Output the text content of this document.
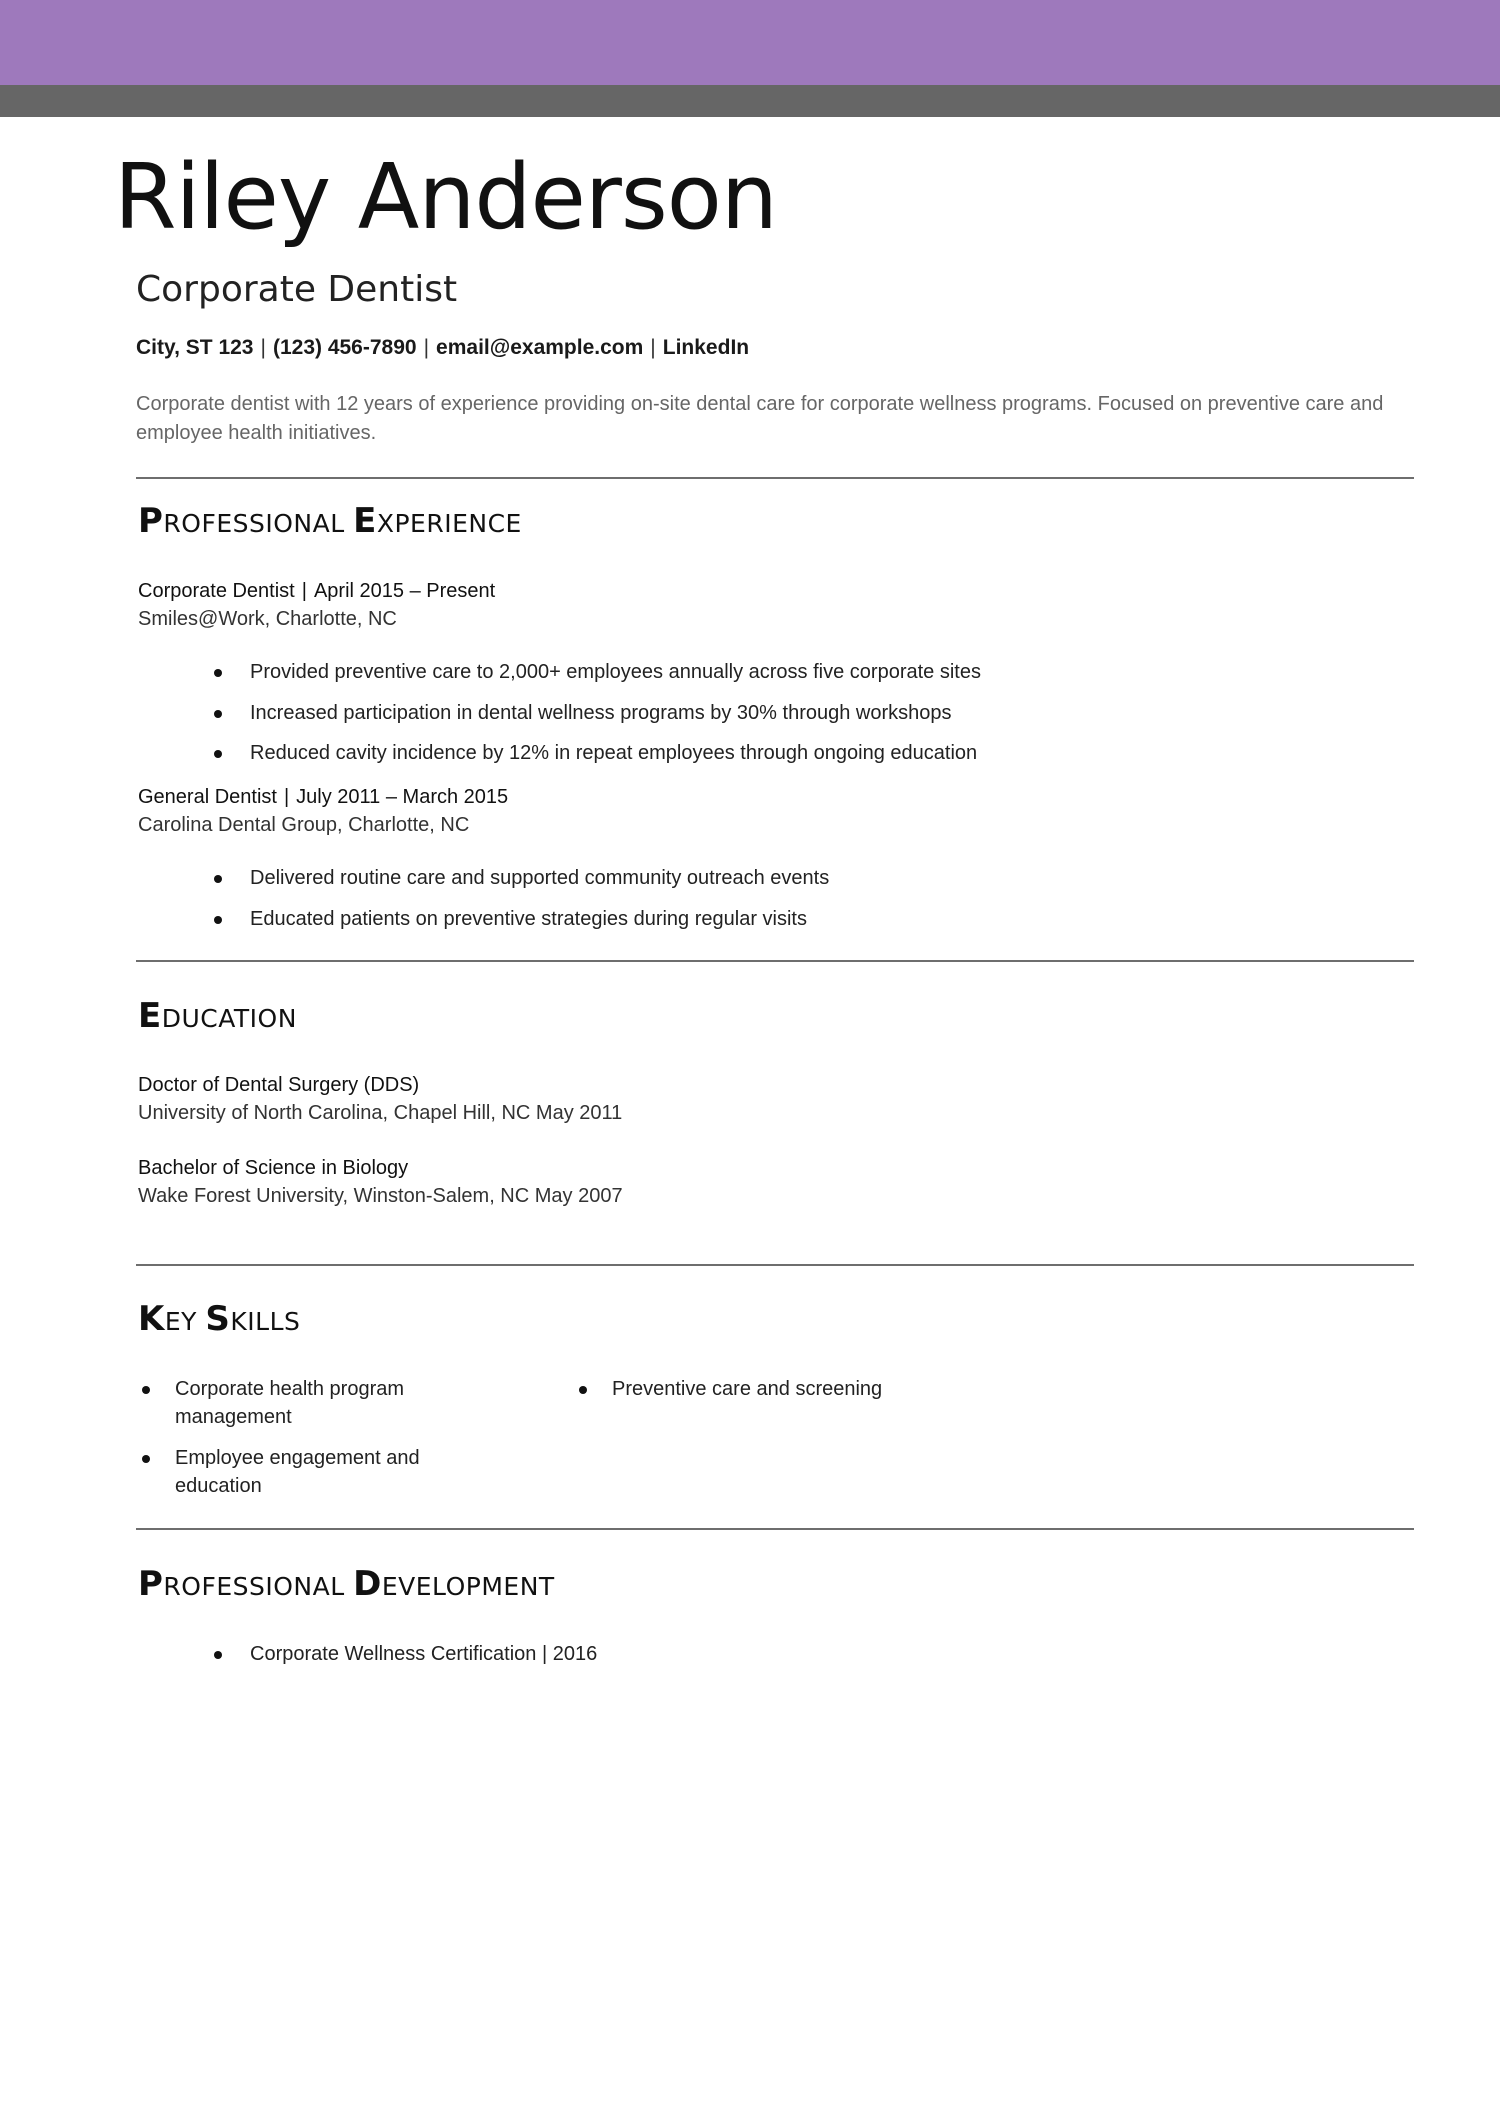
Riley Anderson
Corporate Dentist
City, ST 123 | (123) 456-7890 | email@example.com | LinkedIn
Corporate dentist with 12 years of experience providing on-site dental care for corporate wellness programs. Focused on preventive care and employee health initiatives.
PROFESSIONAL EXPERIENCE
Corporate Dentist | April 2015 – Present
Smiles@Work, Charlotte, NC
Provided preventive care to 2,000+ employees annually across five corporate sites
Increased participation in dental wellness programs by 30% through workshops
Reduced cavity incidence by 12% in repeat employees through ongoing education
General Dentist | July 2011 – March 2015
Carolina Dental Group, Charlotte, NC
Delivered routine care and supported community outreach events
Educated patients on preventive strategies during regular visits
EDUCATION
Doctor of Dental Surgery (DDS)
University of North Carolina, Chapel Hill, NC May 2011
Bachelor of Science in Biology
Wake Forest University, Winston-Salem, NC May 2007
KEY SKILLS
Corporate health program management
Employee engagement and education
Preventive care and screening
PROFESSIONAL DEVELOPMENT
Corporate Wellness Certification | 2016
